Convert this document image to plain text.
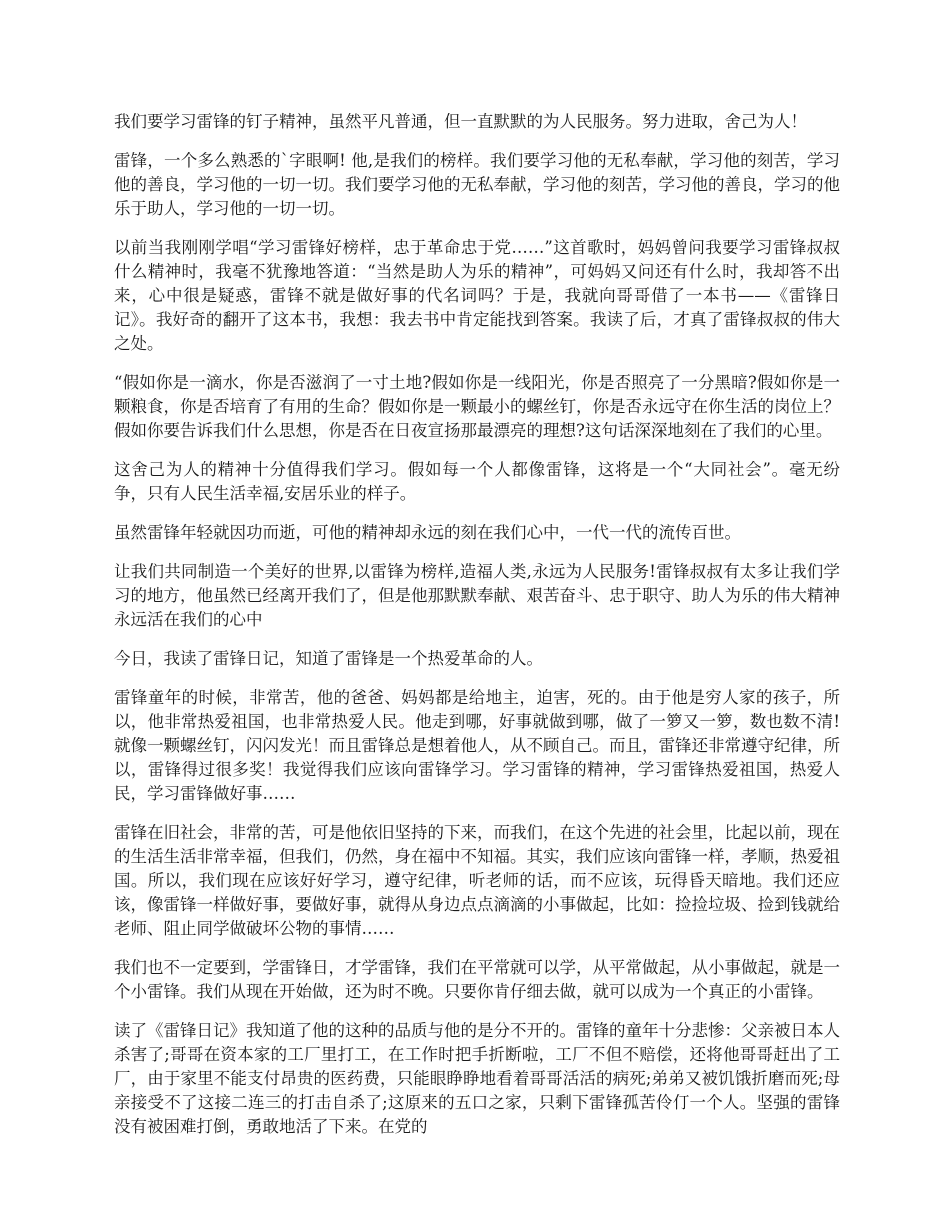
我们要学习雷锋的钉子精神，虽然平凡普通，但一直默默的为人民服务。努力进取，舍己为人！

雷锋，一个多么熟悉的`字眼啊! 他,是我们的榜样。我们要学习他的无私奉献，学习他的刻苦，学习他的善良，学习他的一切一切。我们要学习他的无私奉献，学习他的刻苦，学习他的善良，学习的他乐于助人，学习他的一切一切。

以前当我刚刚学唱“学习雷锋好榜样，忠于革命忠于党……”这首歌时，妈妈曾问我要学习雷锋叔叔什么精神时，我毫不犹豫地答道：“当然是助人为乐的精神”，可妈妈又问还有什么时，我却答不出来，心中很是疑惑，雷锋不就是做好事的代名词吗？于是，我就向哥哥借了一本书——《雷锋日记》。我好奇的翻开了这本书，我想：我去书中肯定能找到答案。我读了后，才真了雷锋叔叔的伟大之处。

“假如你是一滴水，你是否滋润了一寸土地?假如你是一线阳光，你是否照亮了一分黑暗?假如你是一颗粮食，你是否培育了有用的生命？假如你是一颗最小的螺丝钉，你是否永远守在你生活的岗位上？假如你要告诉我们什么思想，你是否在日夜宣扬那最漂亮的理想?这句话深深地刻在了我们的心里。

这舍己为人的精神十分值得我们学习。假如每一个人都像雷锋，这将是一个“大同社会”。毫无纷争，只有人民生活幸福,安居乐业的样子。

虽然雷锋年轻就因功而逝，可他的精神却永远的刻在我们心中，一代一代的流传百世。

让我们共同制造一个美好的世界,以雷锋为榜样,造福人类,永远为人民服务!雷锋叔叔有太多让我们学习的地方，他虽然已经离开我们了，但是他那默默奉献、艰苦奋斗、忠于职守、助人为乐的伟大精神永远活在我们的心中

今日，我读了雷锋日记，知道了雷锋是一个热爱革命的人。

雷锋童年的时候，非常苦，他的爸爸、妈妈都是给地主，迫害，死的。由于他是穷人家的孩子，所以，他非常热爱祖国，也非常热爱人民。他走到哪，好事就做到哪，做了一箩又一箩，数也数不清!就像一颗螺丝钉，闪闪发光！而且雷锋总是想着他人，从不顾自己。而且，雷锋还非常遵守纪律，所以，雷锋得过很多奖！我觉得我们应该向雷锋学习。学习雷锋的精神，学习雷锋热爱祖国，热爱人民，学习雷锋做好事……

雷锋在旧社会，非常的苦，可是他依旧坚持的下来，而我们，在这个先进的社会里，比起以前，现在的生活生活非常幸福，但我们，仍然，身在福中不知福。其实，我们应该向雷锋一样，孝顺，热爱祖国。所以，我们现在应该好好学习，遵守纪律，听老师的话，而不应该，玩得昏天暗地。我们还应该，像雷锋一样做好事，要做好事，就得从身边点点滴滴的小事做起，比如：捡捡垃圾、捡到钱就给老师、阻止同学做破坏公物的事情……

我们也不一定要到，学雷锋日，才学雷锋，我们在平常就可以学，从平常做起，从小事做起，就是一个小雷锋。我们从现在开始做，还为时不晚。只要你肯仔细去做，就可以成为一个真正的小雷锋。

读了《雷锋日记》我知道了他的这种的品质与他的是分不开的。雷锋的童年十分悲惨：父亲被日本人杀害了;哥哥在资本家的工厂里打工，在工作时把手折断啦，工厂不但不赔偿，还将他哥哥赶出了工厂，由于家里不能支付昂贵的医药费，只能眼睁睁地看着哥哥活活的病死;弟弟又被饥饿折磨而死;母亲接受不了这接二连三的打击自杀了;这原来的五口之家，只剩下雷锋孤苦伶仃一个人。坚强的雷锋没有被困难打倒，勇敢地活了下来。在党的
